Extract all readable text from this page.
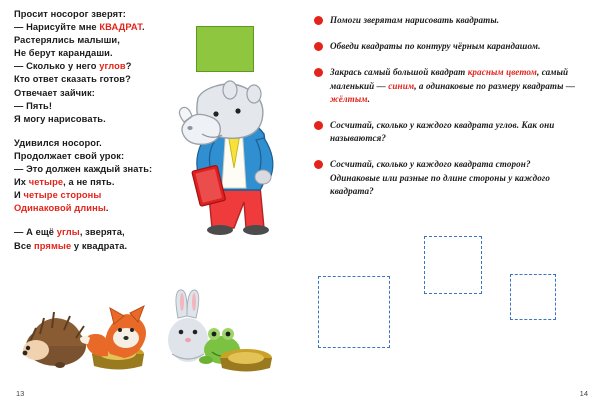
Просит носорог зверят:

— Нарисуйте мне КВАДРАТ.

Растерялись малыши,

Не берут карандаши.

— Сколько у него углов?

Кто ответ сказать готов?

Отвечает зайчик:

— Пять!

Я могу нарисовать.

Удивился носорог.

Продолжает свой урок:

— Это должен каждый знать:

Их четыре, а не пять.

И четыре стороны

Одинаковой длины.

— А ещё углы, зверята,

Все прямые у квадрата.

13
Помоги зверятам нарисовать квадраты.
Обведи квадраты по контуру чёрным карандашом.
Закрась самый большой квадрат красным цветом, самый маленький — синим, а одинаковые по размеру квадраты — жёлтым.
Сосчитай, сколько у каждого квадрата углов. Как они называются?
Сосчитай, сколько у каждого квадрата сторон? Одинаковые или разные по длине стороны у каждого квадрата?
14
